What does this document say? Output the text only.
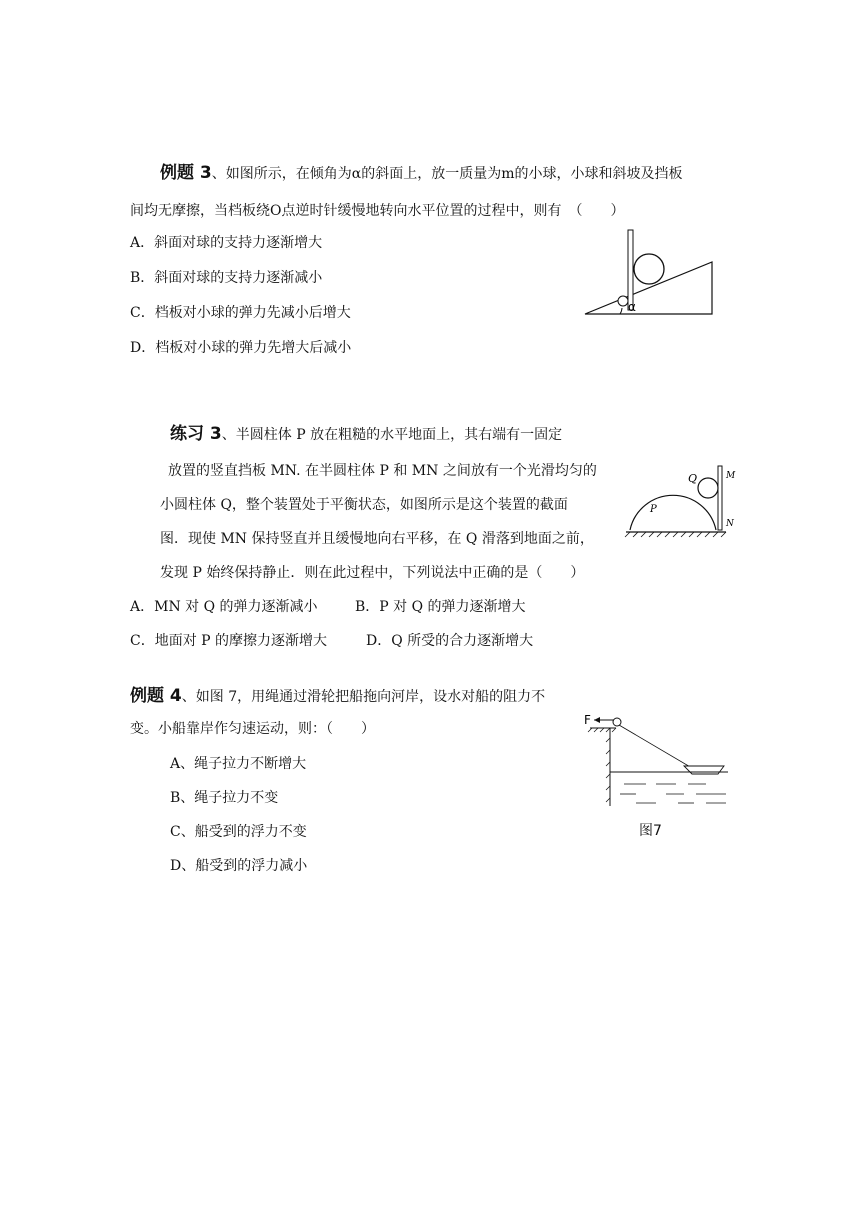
例题 3、如图所示，在倾角为α的斜面上，放一质量为m的小球，小球和斜坡及挡板
间均无摩擦，当档板绕O点逆时针缓慢地转向水平位置的过程中，则有　（　　）
A．斜面对球的支持力逐渐增大
B．斜面对球的支持力逐渐减小
C．档板对小球的弹力先减小后增大
D．档板对小球的弹力先增大后减小
α
练习 3、半圆柱体 P 放在粗糙的水平地面上，其右端有一固定
放置的竖直挡板 MN. 在半圆柱体 P 和 MN 之间放有一个光滑均匀的
小圆柱体 Q，整个装置处于平衡状态，如图所示是这个装置的截面
图．现使 MN 保持竖直并且缓慢地向右平移，在 Q 滑落到地面之前，
发现 P 始终保持静止．则在此过程中，下列说法中正确的是（　　）
A．MN 对 Q 的弹力逐渐减小	B．P 对 Q 的弹力逐渐增大
C．地面对 P 的摩擦力逐渐增大	D．Q 所受的合力逐渐增大
P
Q	M
N
例题 4、如图 7，用绳通过滑轮把船拖向河岸，设水对船的阻力不
变。小船靠岸作匀速运动，则：（　　）
A、绳子拉力不断增大
B、绳子拉力不变
C、船受到的浮力不变
D、船受到的浮力减小
F
图7
